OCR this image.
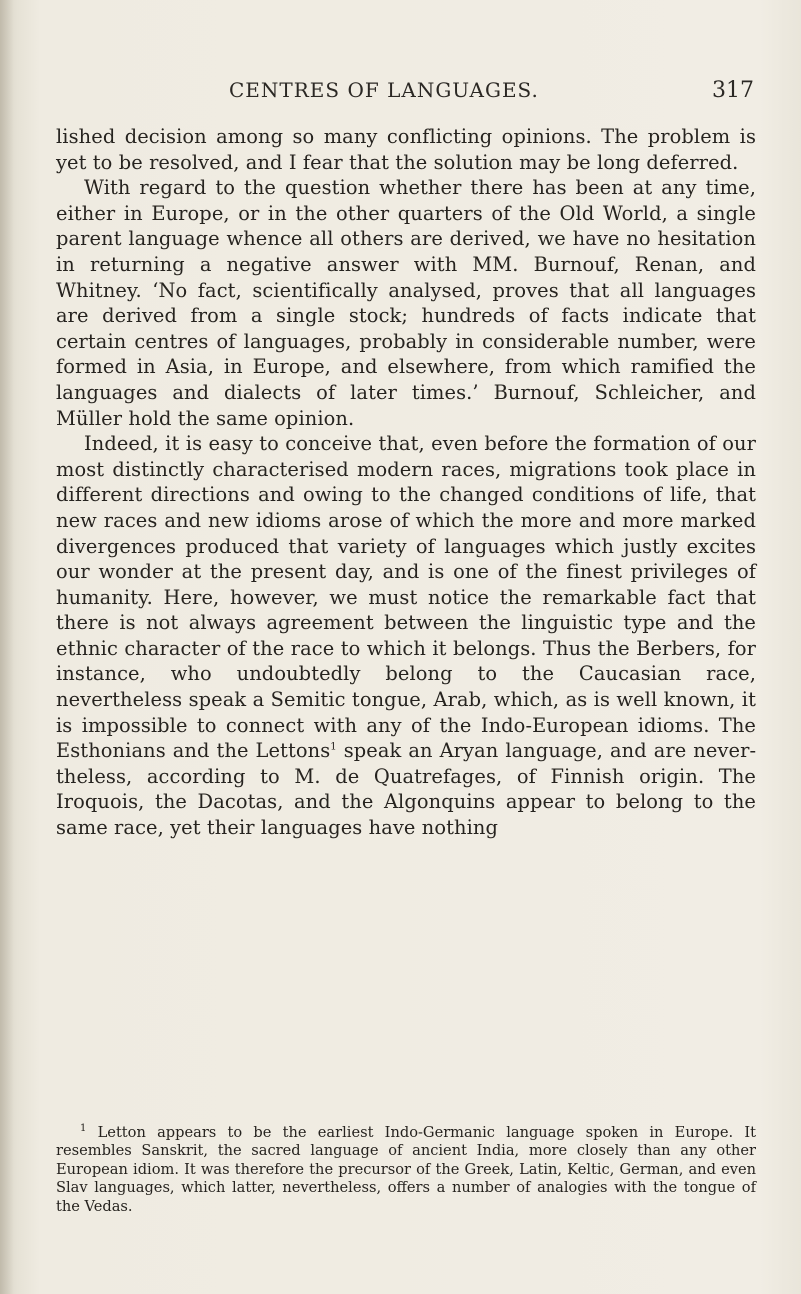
CENTRES OF LANGUAGES.	317

lished decision among so many conflicting opinions. The problem is yet to be resolved, and I fear that the solution may be long deferred.

With regard to the question whether there has been at any time, either in Europe, or in the other quarters of the Old World, a single parent language whence all others are derived, we have no hesitation in returning a negative answer with MM. Burnouf, Renan, and Whitney. ‘No fact, scientifically analysed, proves that all languages are derived from a single stock; hundreds of facts indicate that certain centres of languages, probably in considerable number, were formed in Asia, in Europe, and elsewhere, from which ramified the languages and dialects of later times.’ Burnouf, Schleicher, and Müller hold the same opinion.

Indeed, it is easy to conceive that, even before the formation of our most distinctly characterised modern races, migrations took place in different directions and owing to the changed conditions of life, that new races and new idioms arose of which the more and more marked divergences produced that variety of languages which justly excites our wonder at the present day, and is one of the finest privileges of humanity. Here, however, we must notice the remarkable fact that there is not always agreement between the linguistic type and the ethnic character of the race to which it belongs. Thus the Berbers, for instance, who undoubtedly belong to the Caucasian race, nevertheless speak a Semitic tongue, Arab, which, as is well known, it is impossible to connect with any of the Indo-European idioms. The Esthonians and the Lettons$^1$ speak an Aryan language, and are nevertheless, according to M. de Quatrefages, of Finnish origin. The Iroquois, the Dacotas, and the Algonquins appear to belong to the same race, yet their languages have nothing

$^1$ Letton appears to be the earliest Indo-Germanic language spoken in Europe. It resembles Sanskrit, the sacred language of ancient India, more closely than any other European idiom. It was therefore the precursor of the Greek, Latin, Keltic, German, and even Slav languages, which latter, nevertheless, offers a number of analogies with the tongue of the Vedas.
